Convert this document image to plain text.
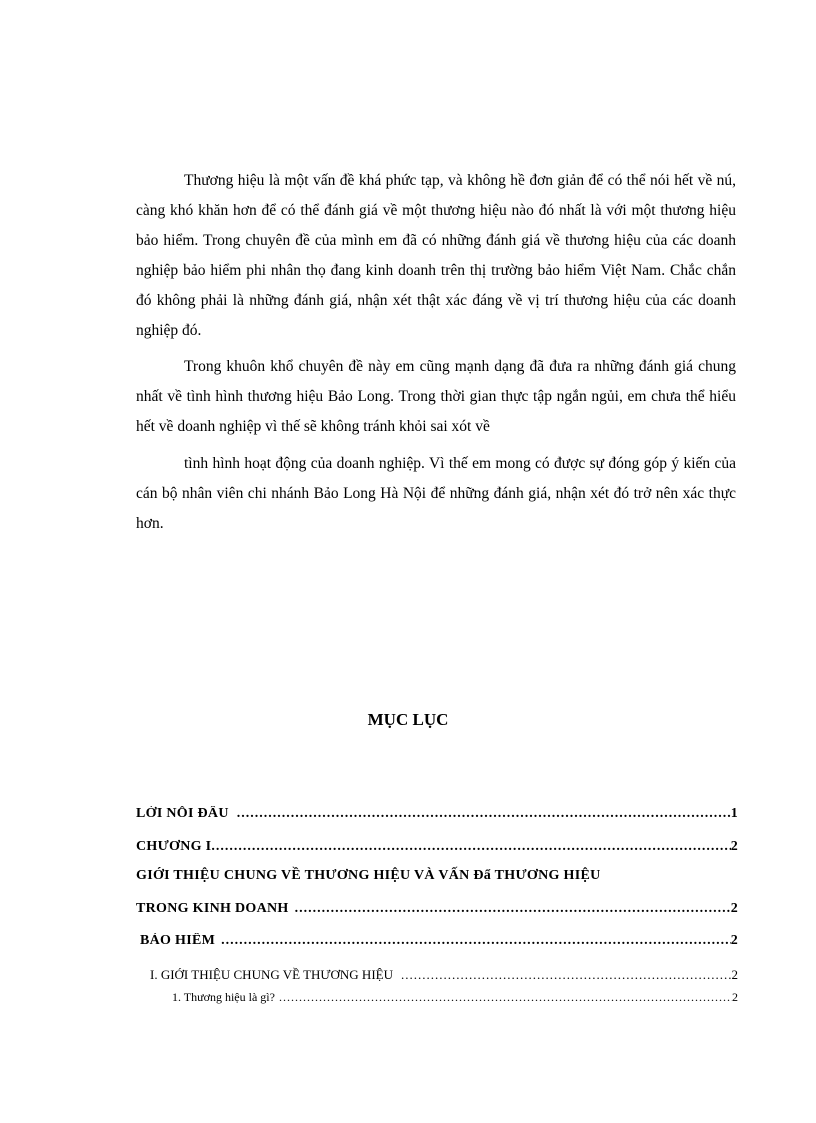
Thương hiệu là một vấn đề khá phức tạp, và không hề đơn giản để có thể nói hết về nú, càng khó khăn hơn để có thể đánh giá về một thương hiệu nào đó nhất là với một thương hiệu bảo hiểm. Trong chuyên đề của mình em đã có những đánh giá về thương hiệu của các doanh nghiệp bảo hiểm phi nhân thọ đang kinh doanh trên thị trường bảo hiểm Việt Nam. Chắc chắn đó không phải là những đánh giá, nhận xét thật xác đáng về vị trí thương hiệu của các doanh nghiệp đó.

Trong khuôn khổ chuyên đề này em cũng mạnh dạng đã đưa ra những đánh giá chung nhất về tình hình thương hiệu Bảo Long. Trong thời gian thực tập ngắn ngủi, em chưa thể hiểu hết về doanh nghiệp vì thế sẽ không tránh khỏi sai xót về

tình hình hoạt động của doanh nghiệp. Vì thế em mong có được sự đóng góp ý kiến của cán bộ nhân viên chi nhánh Bảo Long Hà Nội để những đánh giá, nhận xét đó trở nên xác thực hơn.

MỤC LỤC
LỜI NỖI ĐẦU .....	1
CHƯƠNG I .....	2
GIỚI THIỆU CHUNG VỀ THƯƠNG HIỆU VÀ VẤN Đẩ THƯƠNG HIỆU
TRONG KINH DOANH .....	2
BẢO HIỂM .....	2
I. GIỚI THIỆU CHUNG VỀ THƯƠNG HIỆU .....	2
1. Thương hiệu là gì? .....	2
